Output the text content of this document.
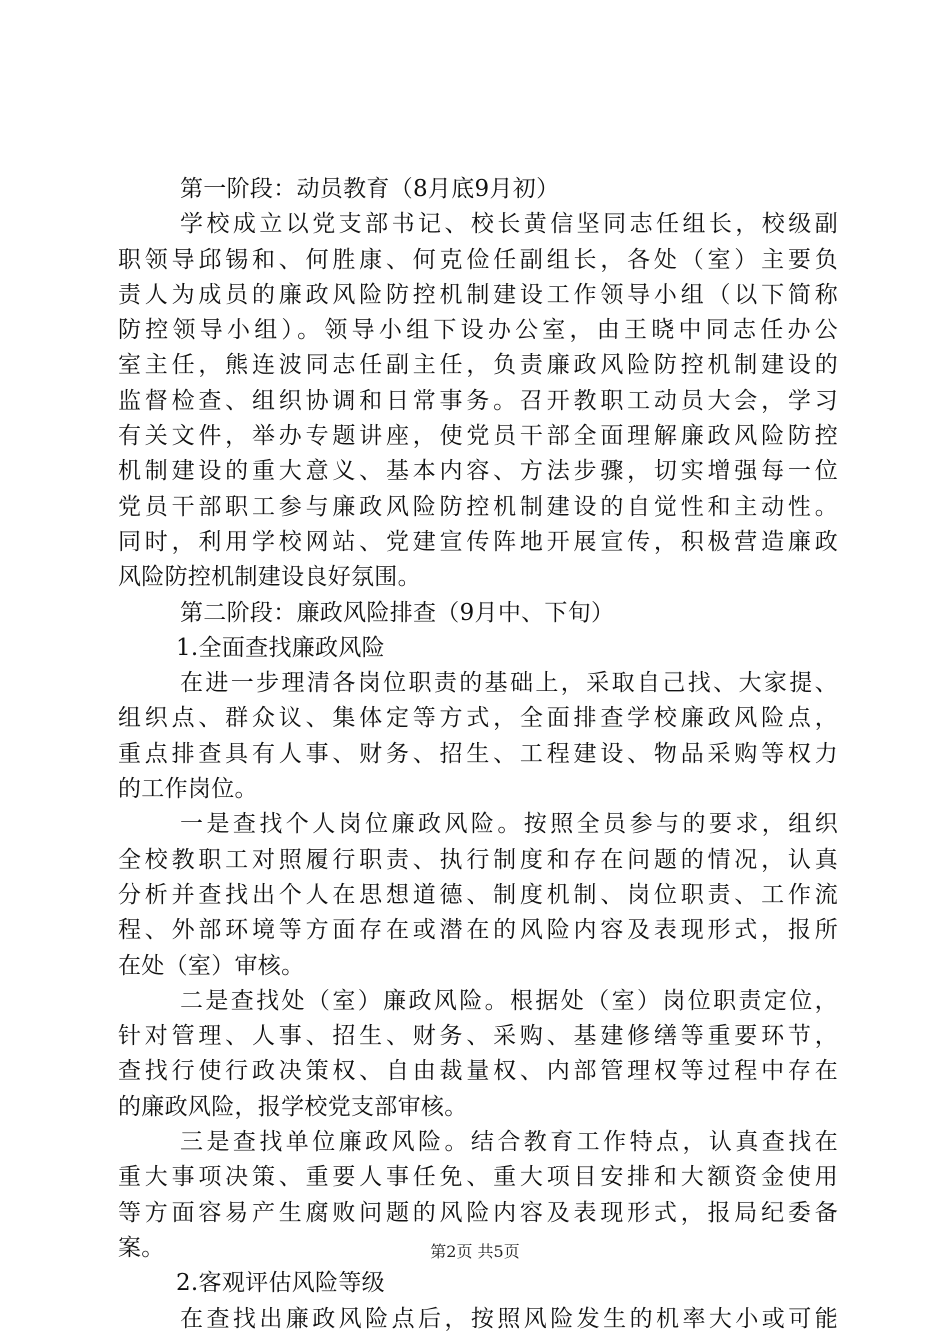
第一阶段：动员教育（8月底9月初）
学校成立以党支部书记、校长黄信坚同志任组长，校级副
职领导邱锡和、何胜康、何克俭任副组长，各处（室）主要负
责人为成员的廉政风险防控机制建设工作领导小组（以下简称
防控领导小组）。领导小组下设办公室，由王晓中同志任办公
室主任，熊连波同志任副主任，负责廉政风险防控机制建设的
监督检查、组织协调和日常事务。召开教职工动员大会，学习
有关文件，举办专题讲座，使党员干部全面理解廉政风险防控
机制建设的重大意义、基本内容、方法步骤，切实增强每一位
党员干部职工参与廉政风险防控机制建设的自觉性和主动性。
同时，利用学校网站、党建宣传阵地开展宣传，积极营造廉政
风险防控机制建设良好氛围。
第二阶段：廉政风险排查（9月中、下旬）
1.全面查找廉政风险
在进一步理清各岗位职责的基础上，采取自己找、大家提、
组织点、群众议、集体定等方式，全面排查学校廉政风险点，
重点排查具有人事、财务、招生、工程建设、物品采购等权力
的工作岗位。
一是查找个人岗位廉政风险。按照全员参与的要求，组织
全校教职工对照履行职责、执行制度和存在问题的情况，认真
分析并查找出个人在思想道德、制度机制、岗位职责、工作流
程、外部环境等方面存在或潜在的风险内容及表现形式，报所
在处（室）审核。
二是查找处（室）廉政风险。根据处（室）岗位职责定位，
针对管理、人事、招生、财务、采购、基建修缮等重要环节，
查找行使行政决策权、自由裁量权、内部管理权等过程中存在
的廉政风险，报学校党支部审核。
三是查找单位廉政风险。结合教育工作特点，认真查找在
重大事项决策、重要人事任免、重大项目安排和大额资金使用
等方面容易产生腐败问题的风险内容及表现形式，报局纪委备
案。
2.客观评估风险等级
在查找出廉政风险点后，按照风险发生的机率大小或可能
第2页 共5页
